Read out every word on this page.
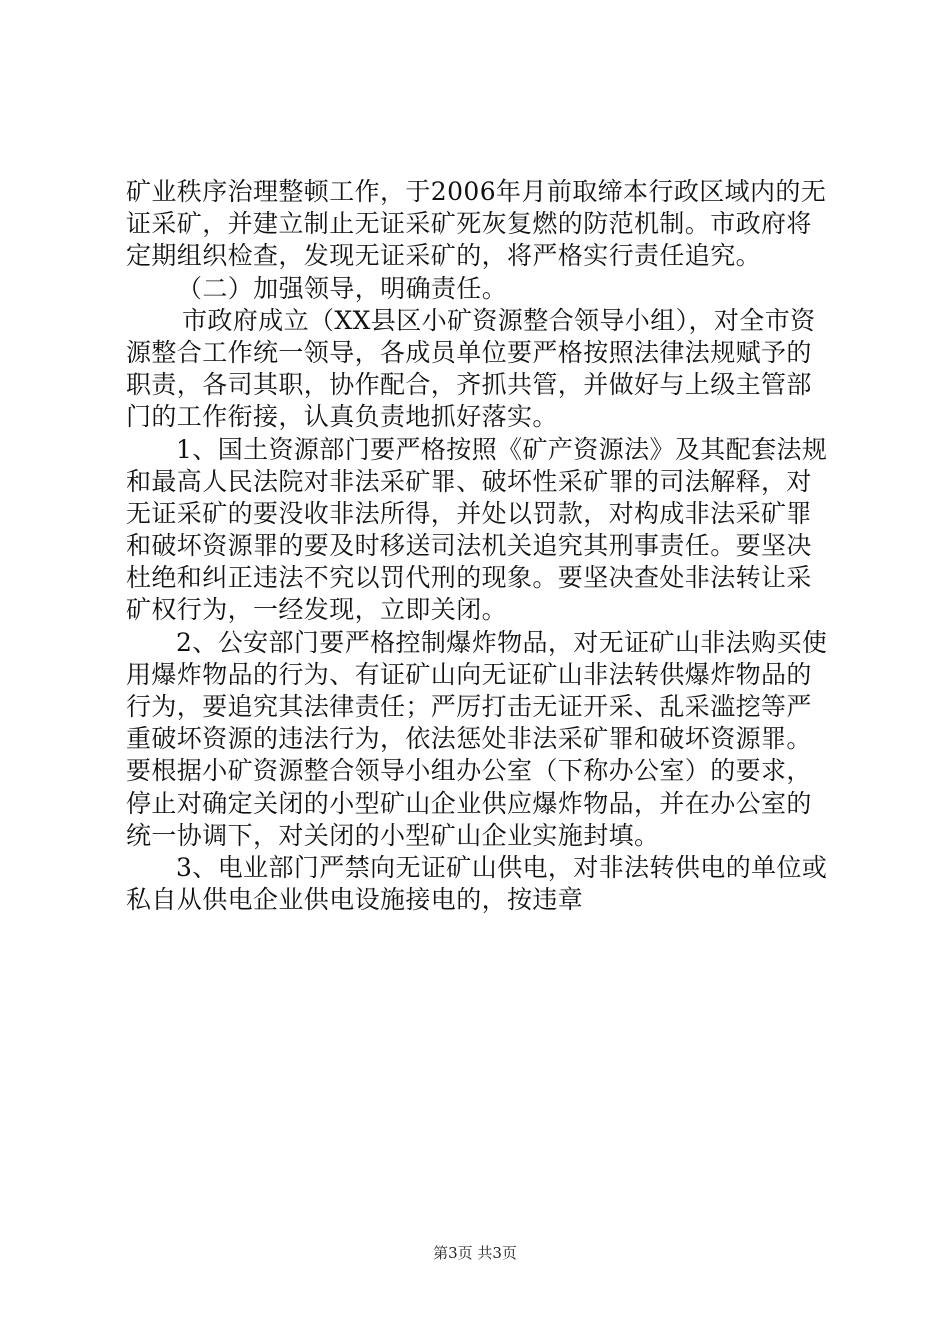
矿业秩序治理整顿工作，于2006年月前取缔本行政区域内的无
证采矿，并建立制止无证采矿死灰复燃的防范机制。市政府将
定期组织检查，发现无证采矿的，将严格实行责任追究。
（二）加强领导，明确责任。
市政府成立（XX县区小矿资源整合领导小组），对全市资
源整合工作统一领导，各成员单位要严格按照法律法规赋予的
职责，各司其职，协作配合，齐抓共管，并做好与上级主管部
门的工作衔接，认真负责地抓好落实。
1、国土资源部门要严格按照《矿产资源法》及其配套法规
和最高人民法院对非法采矿罪、破坏性采矿罪的司法解释，对
无证采矿的要没收非法所得，并处以罚款，对构成非法采矿罪
和破坏资源罪的要及时移送司法机关追究其刑事责任。要坚决
杜绝和纠正违法不究以罚代刑的现象。要坚决查处非法转让采
矿权行为，一经发现，立即关闭。
2、公安部门要严格控制爆炸物品，对无证矿山非法购买使
用爆炸物品的行为、有证矿山向无证矿山非法转供爆炸物品的
行为，要追究其法律责任；严厉打击无证开采、乱采滥挖等严
重破坏资源的违法行为，依法惩处非法采矿罪和破坏资源罪。
要根据小矿资源整合领导小组办公室（下称办公室）的要求，
停止对确定关闭的小型矿山企业供应爆炸物品，并在办公室的
统一协调下，对关闭的小型矿山企业实施封填。
3、电业部门严禁向无证矿山供电，对非法转供电的单位或
私自从供电企业供电设施接电的，按违章
第3页 共3页
